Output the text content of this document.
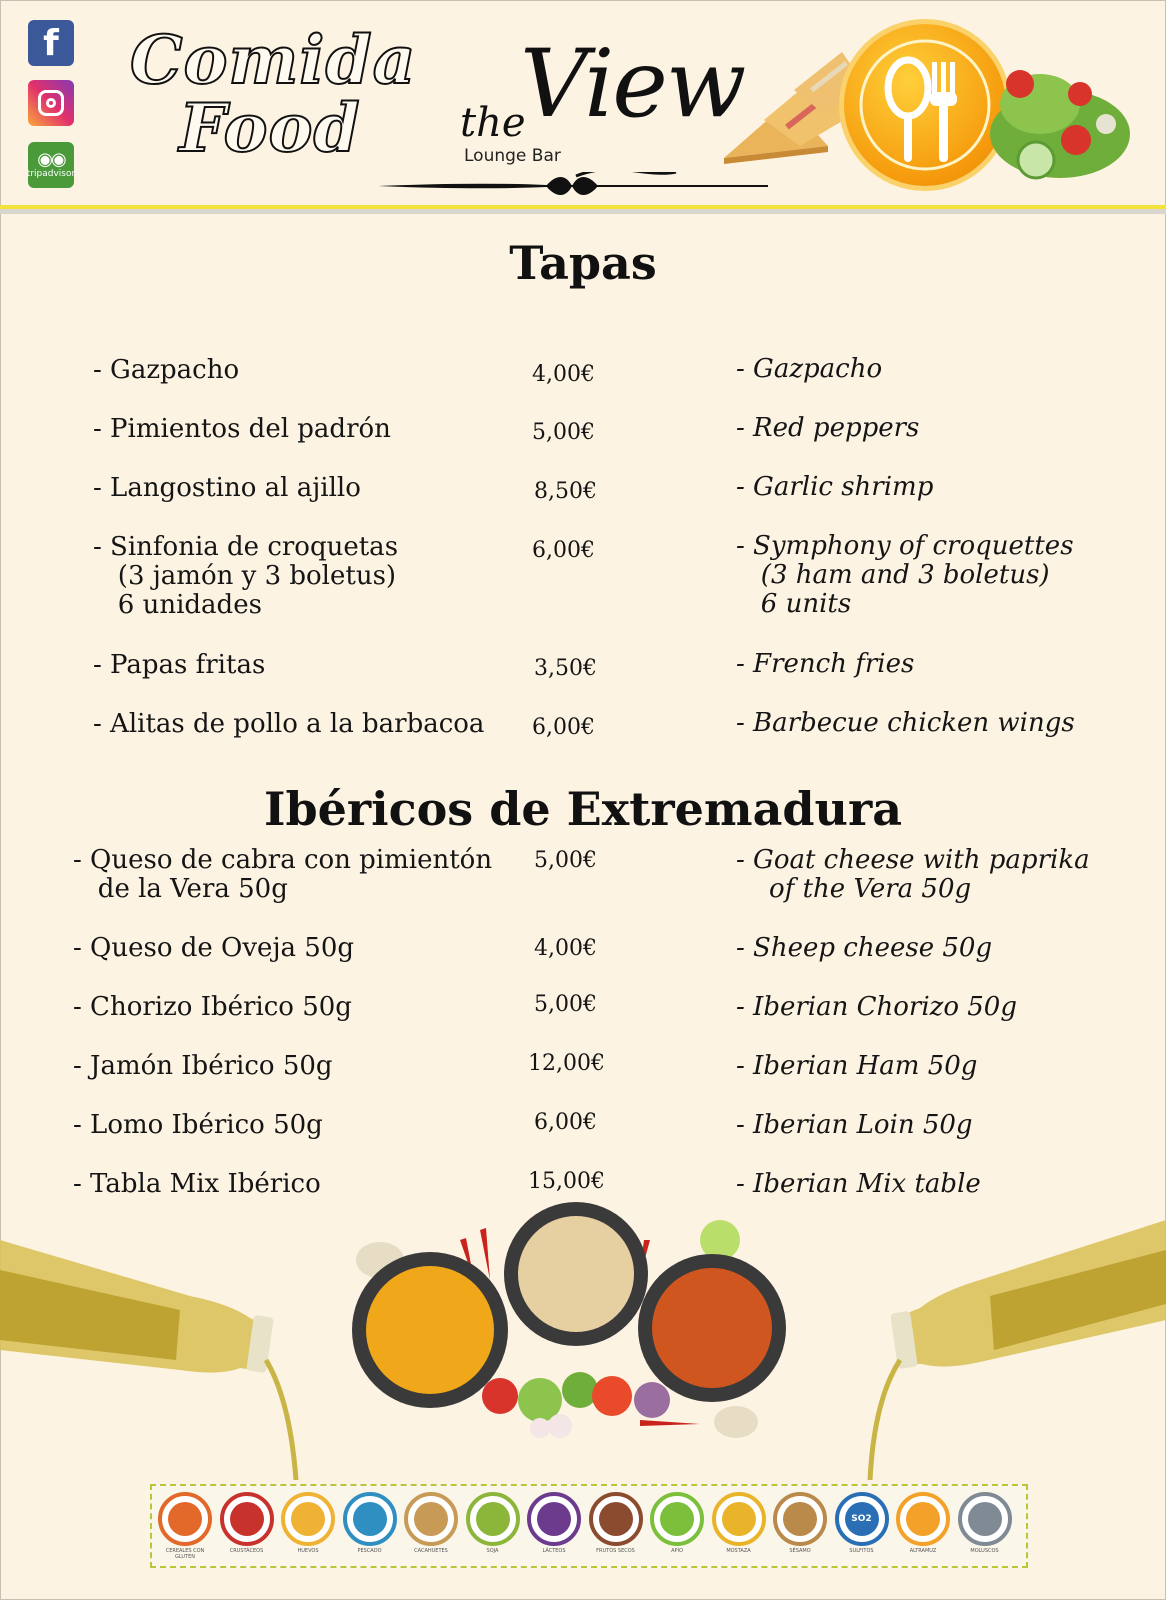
f
◉◉
tripadvisor
Comida
Food	the
View
Lounge Bar
Tapas
- Gazpacho	4,00€	- Gazpacho
- Pimientos del padrón	5,00€	- Red peppers
- Langostino al ajillo	8,50€	- Garlic shrimp
- Sinfonia de croquetas
(3 jamón y 3 boletus)
6 unidades
6,00€	- Symphony of croquettes
(3 ham and 3 boletus)
6 units
- Papas fritas	3,50€	- French fries
- Alitas de pollo a la barbacoa 6,00€	- Barbecue chicken wings
Ibéricos de Extremadura
- Queso de cabra con pimientón
de la Vera 50g
5,00€	- Goat cheese with paprika
of the Vera 50g
- Queso de Oveja 50g	4,00€	- Sheep cheese 50g
- Chorizo Ibérico 50g	5,00€	- Iberian Chorizo 50g
- Jamón Ibérico 50g	12,00€	- Iberian Ham 50g
- Lomo Ibérico 50g	6,00€	- Iberian Loin 50g
- Tabla Mix Ibérico	15,00€	- Iberian Mix table
CEREALES CON GLUTEN
CRUSTÁCEOS	HUEVOS	PESCADO	CACAHUETES	SOJA	LÁCTEOS	FRUTOS SECOS	APIO	MOSTAZA	SÉSAMO
SO2
SULFITOS	ALTRAMUZ	MOLUSCOS
